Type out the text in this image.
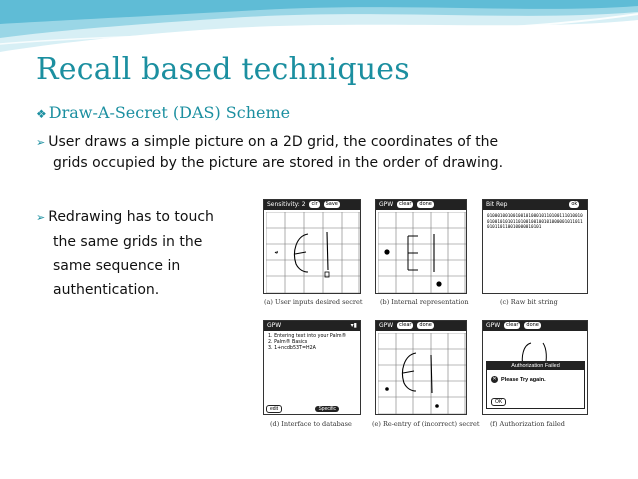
Recall based techniques
❖ Draw-A-Secret (DAS) Scheme
➢ User draws a simple picture on a 2D grid, the coordinates of the
grids occupied by the picture are stored in the order of drawing.
➢ Redrawing has to touch
the same grids in the
same sequence in
authentication.
Sensitivity: 2 clr Save
(a) User inputs desired secret
GPW clear done
(b) Internal representation
Bit Rep	ok
01000100100100101000101101001110100100100101010110100100100101000001011011010110110010000010101
(c) Raw bit string
GPW	▾▮
1. Entering text into your Palm®
2. Palm® Basics
3. 1+ncdb53T=H2A
edit	Specific
(d) Interface to database
GPW clear done
(e) Re-entry of (incorrect) secret
GPW clear done
Authorization Failed
✕ Please Try again.
OK
(f) Authorization failed
